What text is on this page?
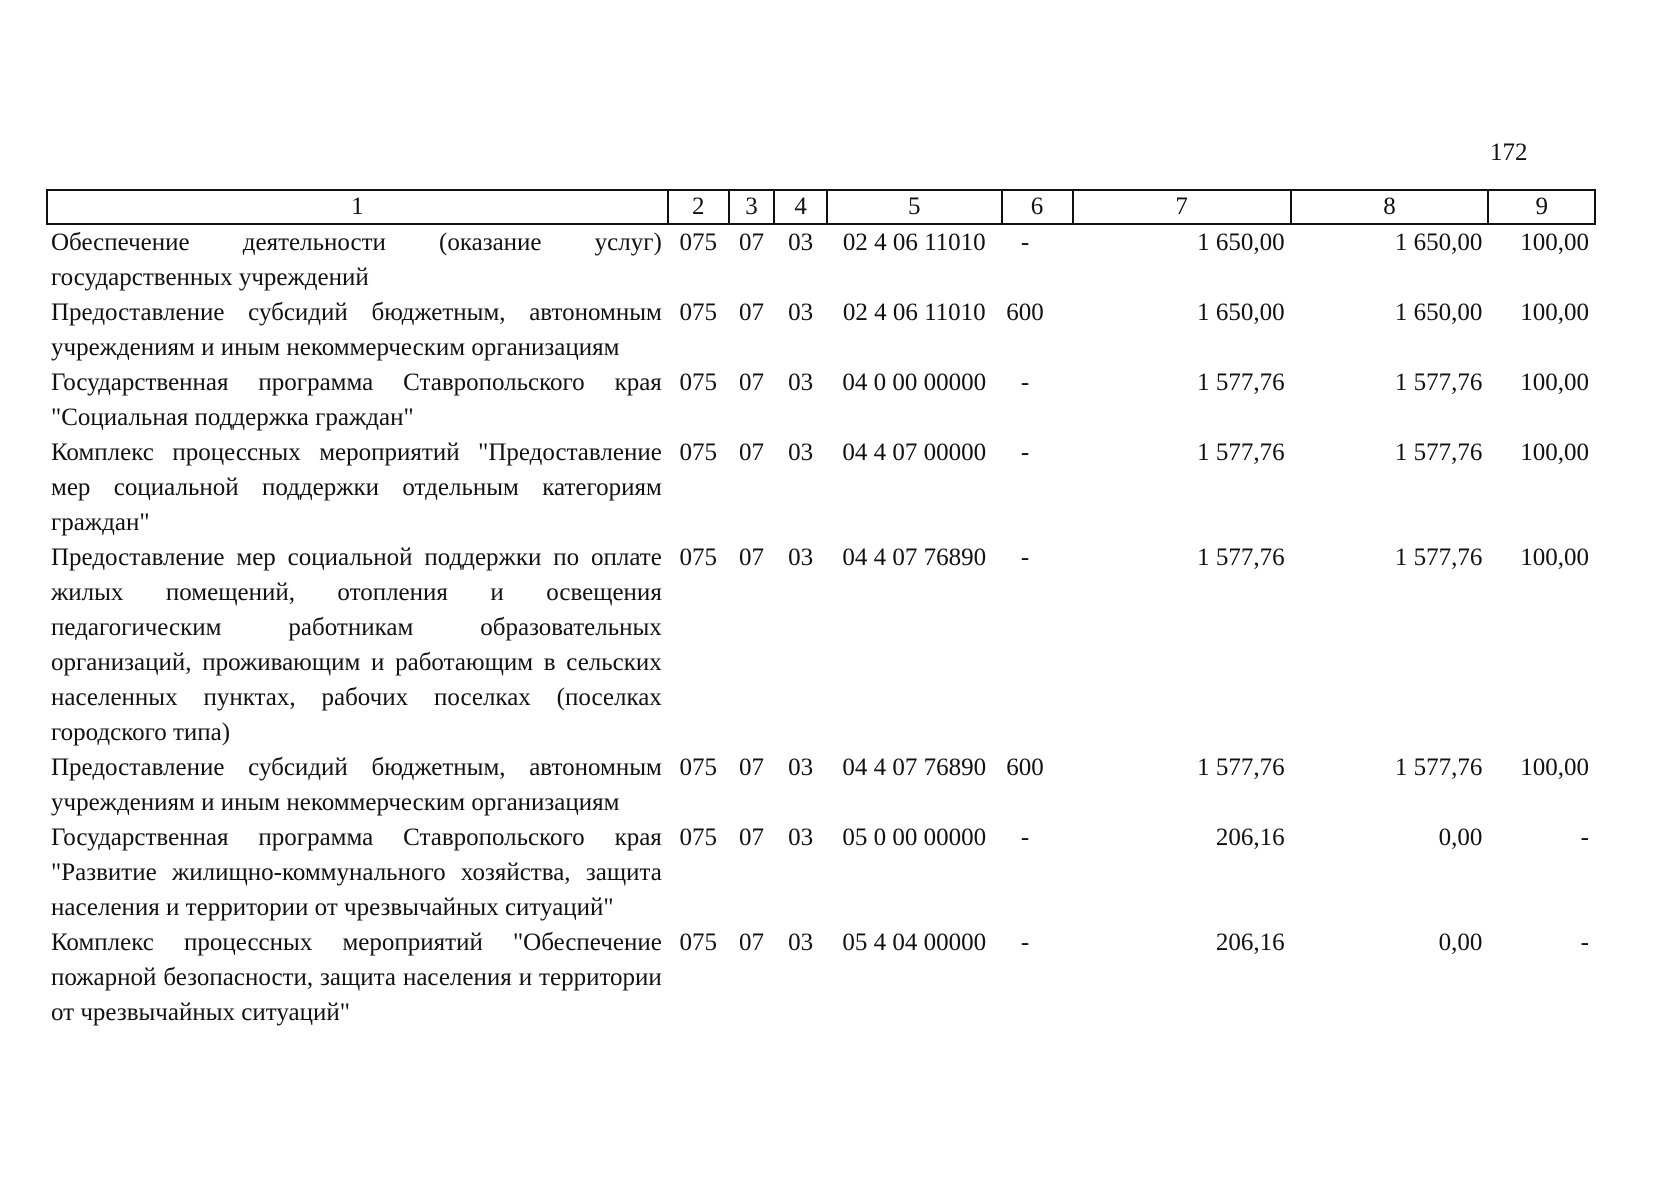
172
1	2	3	4	5	6	7	8	9
Обеспечение деятельности (оказание услуг) государственных учреждений	075	07	03	02 4 06 11010	-	1 650,00	1 650,00	100,00
Предоставление субсидий бюджетным, автономным учреждениям и иным некоммерческим организациям	075	07	03	02 4 06 11010	600	1 650,00	1 650,00	100,00
Государственная программа Ставропольского края "Социальная поддержка граждан"	075	07	03	04 0 00 00000	-	1 577,76	1 577,76	100,00
Комплекс процессных мероприятий "Предоставление мер социальной поддержки отдельным категориям граждан"	075	07	03	04 4 07 00000	-	1 577,76	1 577,76	100,00
Предоставление мер социальной поддержки по оплате жилых помещений, отопления и освещения педагогическим работникам образовательных организаций, проживающим и работающим в сельских населенных пунктах, рабочих поселках (поселках городского типа)	075	07	03	04 4 07 76890	-	1 577,76	1 577,76	100,00
Предоставление субсидий бюджетным, автономным учреждениям и иным некоммерческим организациям	075	07	03	04 4 07 76890	600	1 577,76	1 577,76	100,00
Государственная программа Ставропольского края "Развитие жилищно-коммунального хозяйства, защита населения и территории от чрезвычайных ситуаций"	075	07	03	05 0 00 00000	-	206,16	0,00	-
Комплекс процессных мероприятий "Обеспечение пожарной безопасности, защита населения и территории от чрезвычайных ситуаций"	075	07	03	05 4 04 00000	-	206,16	0,00	-
